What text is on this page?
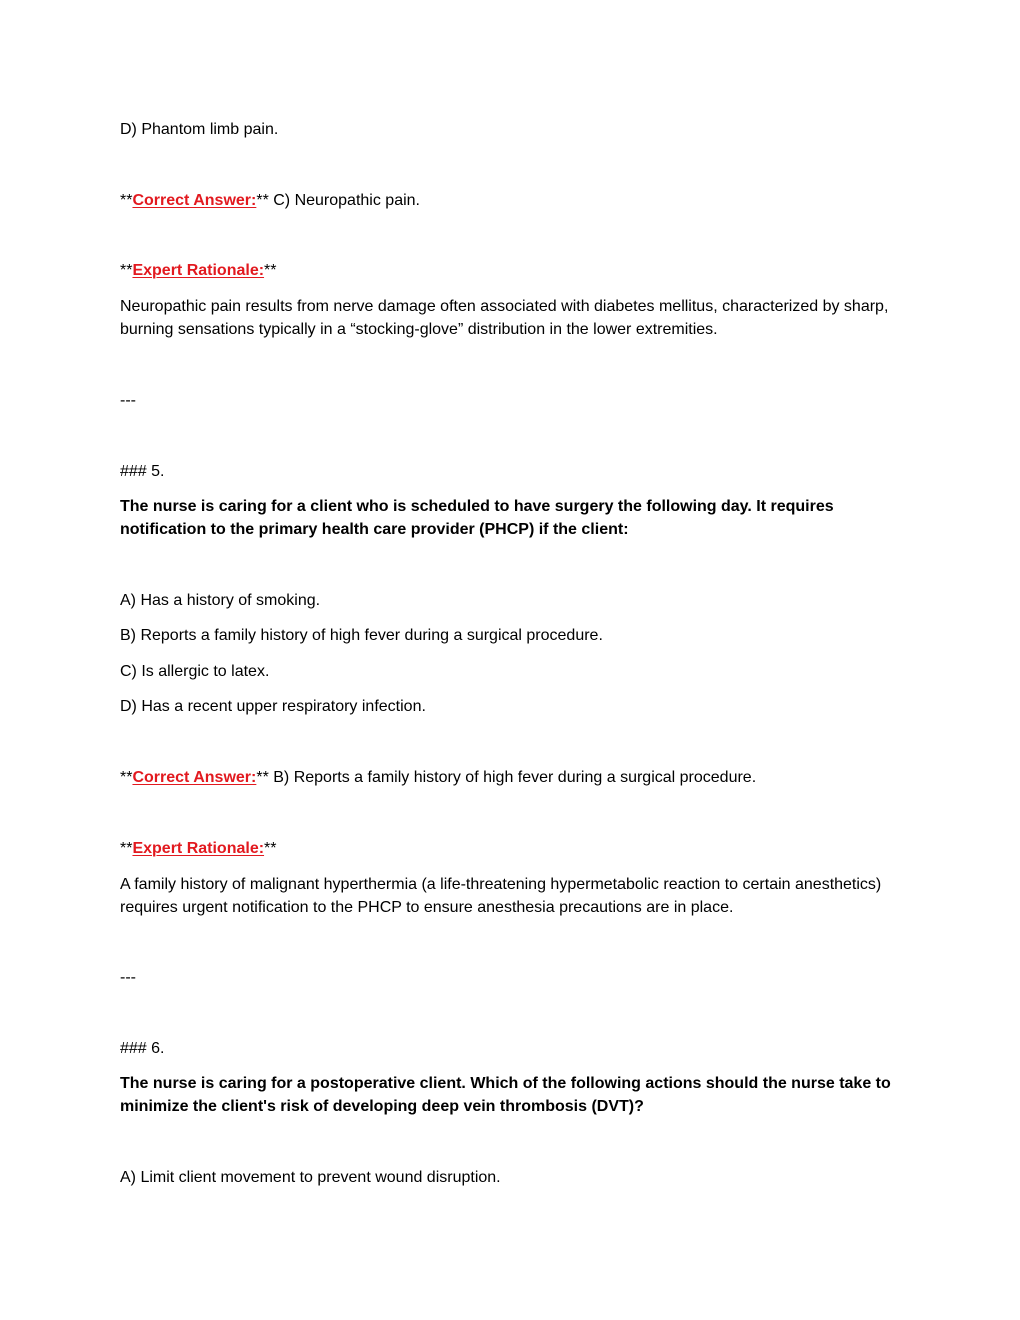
D) Phantom limb pain.

**Correct Answer:** C) Neuropathic pain.

**Expert Rationale:**

Neuropathic pain results from nerve damage often associated with diabetes mellitus, characterized by sharp, burning sensations typically in a “stocking-glove” distribution in the lower extremities.

---

### 5.

The nurse is caring for a client who is scheduled to have surgery the following day. It requires notification to the primary health care provider (PHCP) if the client:

A) Has a history of smoking.

B) Reports a family history of high fever during a surgical procedure.

C) Is allergic to latex.

D) Has a recent upper respiratory infection.

**Correct Answer:** B) Reports a family history of high fever during a surgical procedure.

**Expert Rationale:**

A family history of malignant hyperthermia (a life-threatening hypermetabolic reaction to certain anesthetics) requires urgent notification to the PHCP to ensure anesthesia precautions are in place.

---

### 6.

The nurse is caring for a postoperative client. Which of the following actions should the nurse take to minimize the client's risk of developing deep vein thrombosis (DVT)?

A) Limit client movement to prevent wound disruption.
